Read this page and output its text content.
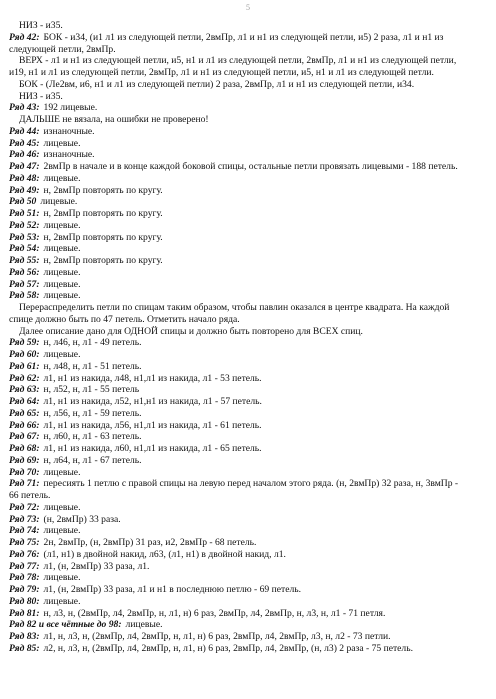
5
НИЗ - и35.
Ряд 42: БОК - и34, (и1 л1 из следующей петли, 2вмПр, л1 и н1 из следующей петли, и5) 2 раза, л1 и н1 из
следующей петли, 2вмПр.
ВЕРХ - л1 и н1 из следующей петли, и5, н1 и л1 из следующей петли, 2вмПр, л1 и н1 из следующей петли,
и19, н1 и л1 из следующей петли, 2вмПр, л1 и н1 из следующей петли, и5, н1 и л1 из следующей петли.
БОК - (Лe2вм, и6, н1 и л1 из следующей петли) 2 раза, 2вмПр, л1 и н1 из следующей петли, и34.
НИЗ - и35.
Ряд 43: 192 лицевые.
ДАЛЬШЕ не вязала, на ошибки не проверено!
Ряд 44: изнаночные.
Ряд 45: лицевые.
Ряд 46: изнаночные.
Ряд 47: 2вмПр в начале и в конце каждой боковой спицы, остальные петли провязать лицевыми - 188 петель.
Ряд 48: лицевые.
Ряд 49: н, 2вмПр повторять по кругу.
Ряд 50 лицевые.
Ряд 51: н, 2вмПр повторять по кругу.
Ряд 52: лицевые.
Ряд 53: н, 2вмПр повторять по кругу.
Ряд 54: лицевые.
Ряд 55: н, 2вмПр повторять по кругу.
Ряд 56: лицевые.
Ряд 57: лицевые.
Ряд 58: лицевые.
Перераспределить петли по спицам таким образом, чтобы павлин оказался в центре квадрата. На каждой
спице должно быть по 47 петель. Отметить начало ряда.
Далее описание дано для ОДНОЙ спицы и должно быть повторено для ВСЕХ спиц.
Ряд 59: н, л46, н, л1 - 49 петель.
Ряд 60: лицевые.
Ряд 61: н, л48, н, л1 - 51 петель.
Ряд 62: л1, н1 из накида, л48, н1,л1 из накида, л1 - 53 петель.
Ряд 63: н, л52, н, л1 - 55 петель
Ряд 64: л1, н1 из накида, л52, н1,н1 из накида, л1 - 57 петель.
Ряд 65: н, л56, н, л1 - 59 петель.
Ряд 66: л1, н1 из накида, л56, н1,л1 из накида, л1 - 61 петель.
Ряд 67: н, л60, н, л1 - 63 петель.
Ряд 68: л1, н1 из накида, л60, н1,л1 из накида, л1 - 65 петель.
Ряд 69: н, л64, н, л1 - 67 петель.
Ряд 70: лицевые.
Ряд 71: пересиять 1 петлю с правой спицы на левую перед началом этого ряда. (н, 2вмПр) 32 раза, н, 3вмПр -
66 петель.
Ряд 72: лицевые.
Ряд 73: (н, 2вмПр) 33 раза.
Ряд 74: лицевые.
Ряд 75: 2н, 2вмПр, (н, 2вмПр) 31 раз, и2, 2вмПр - 68 петель.
Ряд 76: (л1, н1) в двойной накид, л63, (л1, н1) в двойной накид, л1.
Ряд 77: л1, (н, 2вмПр) 33 раза, л1.
Ряд 78: лицевые.
Ряд 79: л1, (н, 2вмПр) 33 раза, л1 и н1 в последнюю петлю - 69 петель.
Ряд 80: лицевые.
Ряд 81: н, л3, н, (2вмПр, л4, 2вмПр, н, л1, н) 6 раз, 2вмПр, л4, 2вмПр, н, л3, н, л1 - 71 петля.
Ряд 82 и все чётные до 98: лицевые.
Ряд 83: л1, н, л3, н, (2вмПр, л4, 2вмПр, н, л1, н) 6 раз, 2вмПр, л4, 2вмПр, л3, н, л2 - 73 петли.
Ряд 85: л2, н, л3, н, (2вмПр, л4, 2вмПр, н, л1, н) 6 раз, 2вмПр, л4, 2вмПр, (н, л3) 2 раза - 75 петель.
